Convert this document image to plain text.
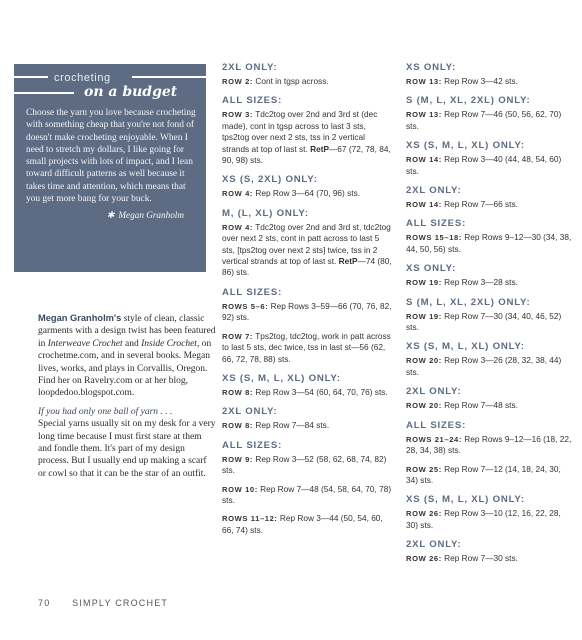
crocheting
on a budget

Choose the yarn you love because crocheting with something cheap that you're not fond of doesn't make crocheting enjoyable. When I need to stretch my dollars, I like going for small projects with lots of impact, and I lean toward difficult patterns as well because it takes time and attention, which means that you get more bang for your buck.

✱ Megan Granholm

Megan Granholm's style of clean, classic garments with a design twist has been featured in Interweave Crochet and Inside Crochet, on crochetme.com, and in several books. Megan lives, works, and plays in Corvallis, Oregon. Find her on Ravelry.com or at her blog, loopdedoo.blogspot.com.

If you had only one ball of yarn . . .

Special yarns usually sit on my desk for a very long time because I must first stare at them and fondle them. It's part of my design process. But I usually end up making a scarf or cowl so that it can be the star of an outfit.

70 SIMPLY CROCHET
2XL ONLY:
ROW 2: Cont in tgsp across.
ALL SIZES:
ROW 3: Tdc2tog over 2nd and 3rd st (dec made), cont in tgsp across to last 3 sts, tps2tog over next 2 sts, tss in 2 vertical strands at top of last st. RetP—67 (72, 78, 84, 90, 98) sts.
XS (S, 2XL) ONLY:
ROW 4: Rep Row 3—64 (70, 96) sts.
M, (L, XL) ONLY:
ROW 4: Tdc2tog over 2nd and 3rd st, tdc2tog over next 2 sts, cont in patt across to last 5 sts, [tps2tog over next 2 sts] twice, tss in 2 vertical strands at top of last st. RetP—74 (80, 86) sts.
ALL SIZES:
ROWS 5–6: Rep Rows 3–59—66 (70, 76, 82, 92) sts.
ROW 7: Tps2tog, tdc2tog, work in patt across to last 5 sts, dec twice, tss in last st—56 (62, 66, 72, 78, 88) sts.
XS (S, M, L, XL) ONLY:
ROW 8: Rep Row 3—54 (60, 64, 70, 76) sts.
2XL ONLY:
ROW 8: Rep Row 7—84 sts.
ALL SIZES:
ROW 9: Rep Row 3—52 (58, 62, 68, 74, 82) sts.
ROW 10: Rep Row 7—48 (54, 58, 64, 70, 78) sts.
ROWS 11–12: Rep Row 3—44 (50, 54, 60, 66, 74) sts.
XS ONLY:
ROW 13: Rep Row 3—42 sts.
S (M, L, XL, 2XL) ONLY:
ROW 13: Rep Row 7—46 (50, 56, 62, 70) sts.
XS (S, M, L, XL) ONLY:
ROW 14: Rep Row 3—40 (44, 48, 54, 60) sts.
2XL ONLY:
ROW 14: Rep Row 7—66 sts.
ALL SIZES:
ROWS 15–18: Rep Rows 9–12—30 (34, 38, 44, 50, 56) sts.
XS ONLY:
ROW 19: Rep Row 3—28 sts.
S (M, L, XL, 2XL) ONLY:
ROW 19: Rep Row 7—30 (34, 40, 46, 52) sts.
XS (S, M, L, XL) ONLY:
ROW 20: Rep Row 3—26 (28, 32, 38, 44) sts.
2XL ONLY:
ROW 20: Rep Row 7—48 sts.
ALL SIZES:
ROWS 21–24: Rep Rows 9–12—16 (18, 22, 28, 34, 38) sts.
ROW 25: Rep Row 7—12 (14, 18, 24, 30, 34) sts.
XS (S, M, L, XL) ONLY:
ROW 26: Rep Row 3—10 (12, 16, 22, 28, 30) sts.
2XL ONLY:
ROW 26: Rep Row 7—30 sts.
